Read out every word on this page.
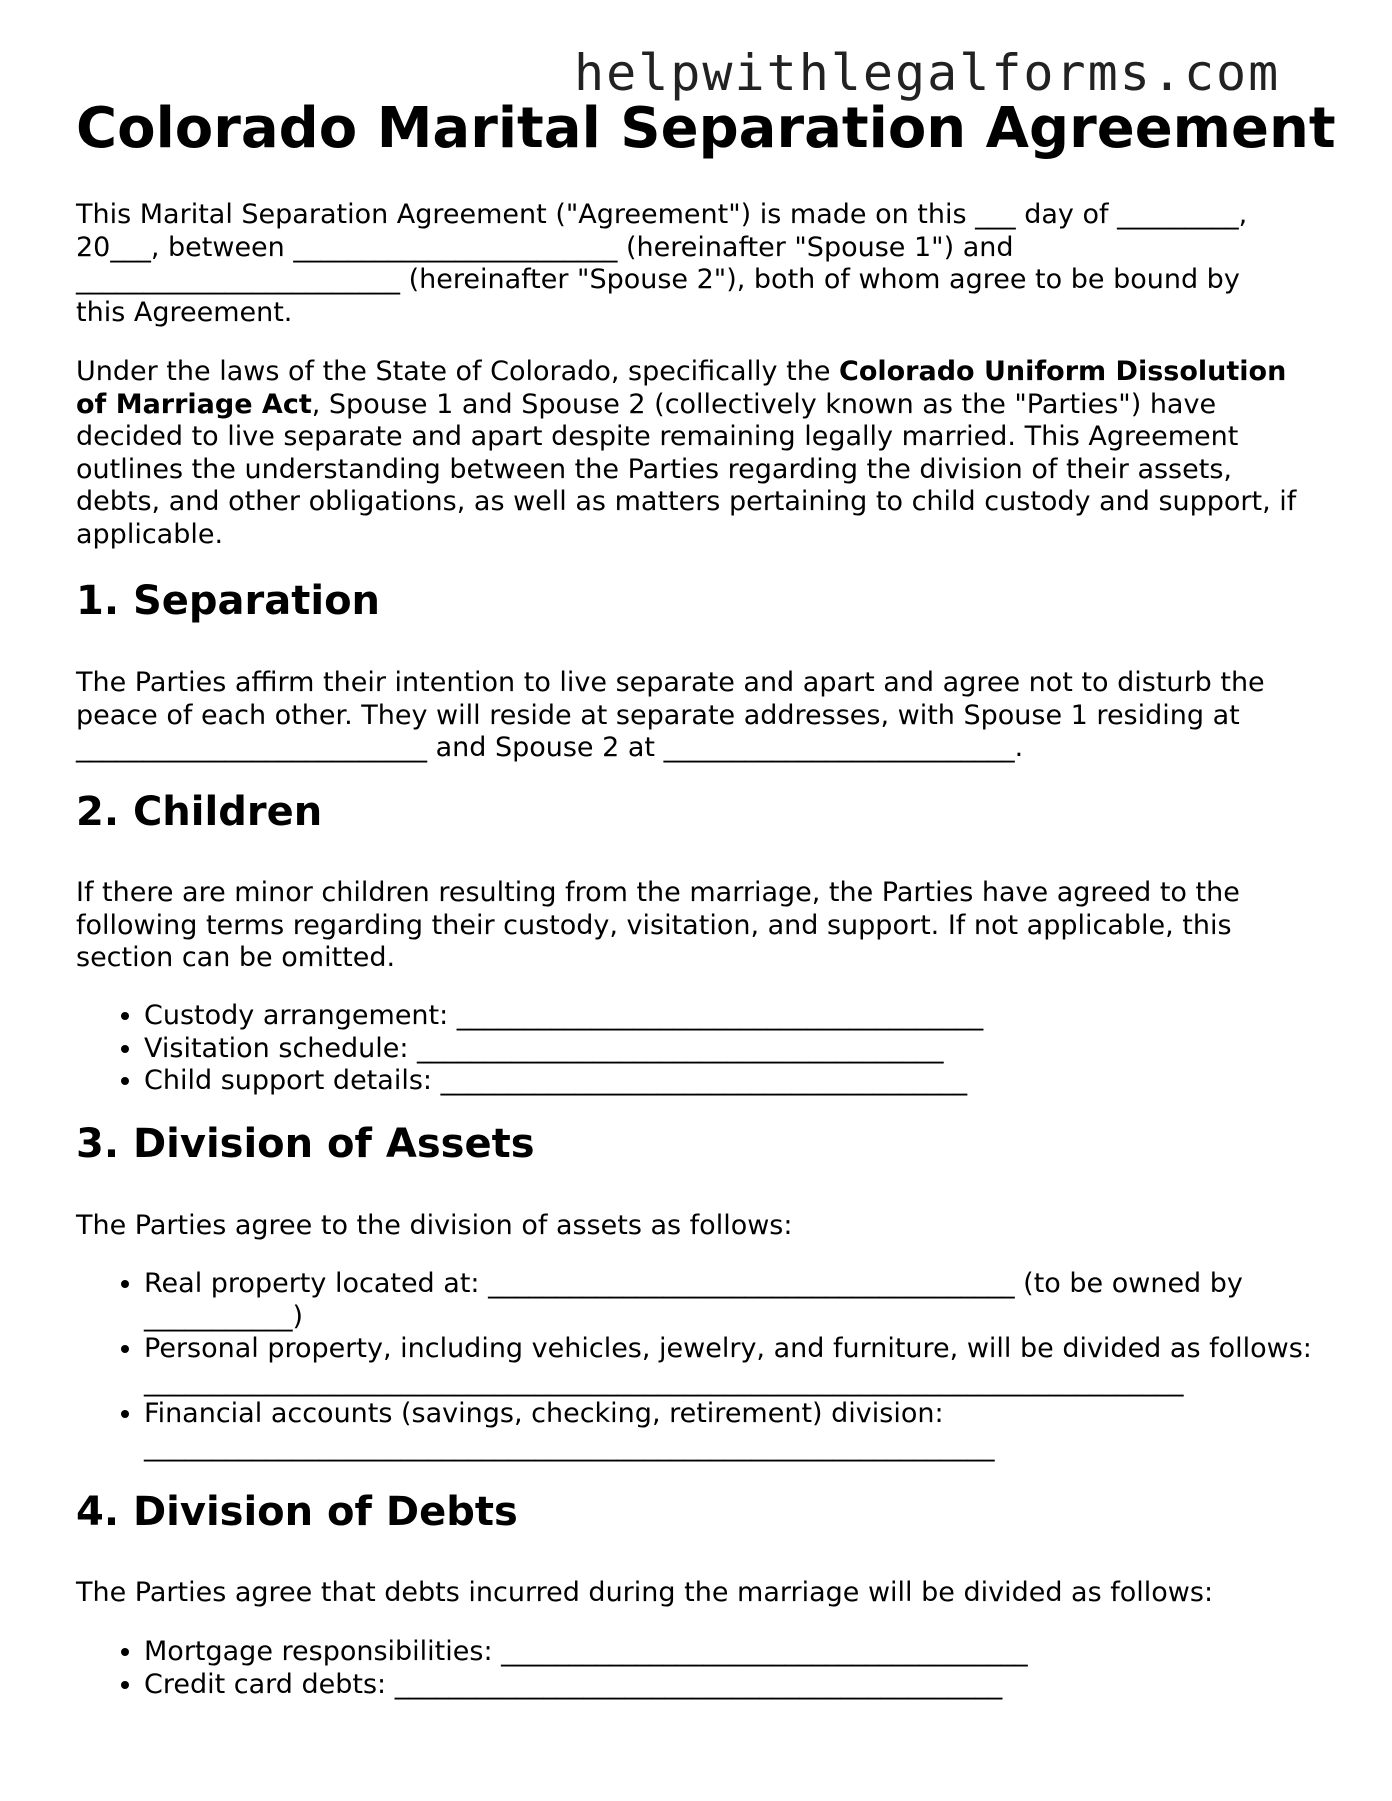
helpwithlegalforms.com
Colorado Marital Separation Agreement
This Marital Separation Agreement ("Agreement") is made on this ___ day of _________,
20___, between ________________________ (hereinafter "Spouse 1") and
________________________ (hereinafter "Spouse 2"), both of whom agree to be bound by
this Agreement.

Under the laws of the State of Colorado, specifically the Colorado Uniform Dissolution of Marriage Act, Spouse 1 and Spouse 2 (collectively known as the "Parties") have decided to live separate and apart despite remaining legally married. This Agreement outlines the understanding between the Parties regarding the division of their assets, debts, and other obligations, as well as matters pertaining to child custody and support, if applicable.

1. Separation

The Parties affirm their intention to live separate and apart and agree not to disturb the peace of each other. They will reside at separate addresses, with Spouse 1 residing at __________________________ and Spouse 2 at __________________________.

2. Children

If there are minor children resulting from the marriage, the Parties have agreed to the following terms regarding their custody, visitation, and support. If not applicable, this section can be omitted.

• Custody arrangement: _______________________________________
• Visitation schedule: _______________________________________
• Child support details: _______________________________________
3. Division of Assets

The Parties agree to the division of assets as follows:

• Real property located at: _______________________________________ (to be owned by ___________)
• Personal property, including vehicles, jewelry, and furniture, will be divided as follows:
_____________________________________________________________________________
• Financial accounts (savings, checking, retirement) division:
_______________________________________________________________
4. Division of Debts

The Parties agree that debts incurred during the marriage will be divided as follows:

• Mortgage responsibilities: _______________________________________
• Credit card debts: _____________________________________________
